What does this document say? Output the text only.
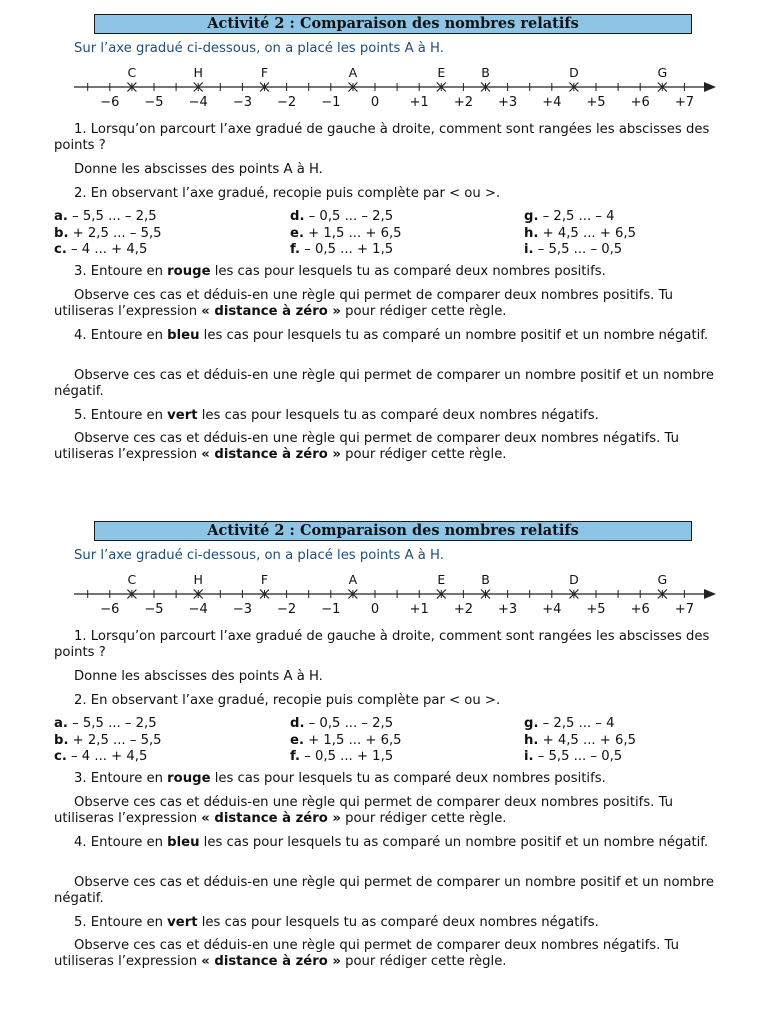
Activité 2 : Comparaison des nombres relatifs
Sur l’axe gradué ci-dessous, on a placé les points A à H.
−6 −5 −4 −3 −2 −1 0 +1 +2 +3 +4 +5 +6 +7
C	H	F	A	E	B	D	G

1. Lorsqu’on parcourt l’axe gradué de gauche à droite, comment sont rangées les abscisses des points ?

Donne les abscisses des points A à H.

2. En observant l’axe gradué, recopie puis complète par < ou >.

a. – 5,5 ... – 2,5	d. – 0,5 ... – 2,5	g. – 2,5 ... – 4
b. + 2,5 ... – 5,5	e. + 1,5 ... + 6,5	h. + 4,5 ... + 6,5
c. – 4 ... + 4,5	f. – 0,5 ... + 1,5	i. – 5,5 ... – 0,5

3. Entoure en rouge les cas pour lesquels tu as comparé deux nombres positifs.

Observe ces cas et déduis-en une règle qui permet de comparer deux nombres positifs. Tu utiliseras l’expression « distance à zéro » pour rédiger cette règle.

4. Entoure en bleu les cas pour lesquels tu as comparé un nombre positif et un nombre négatif.

Observe ces cas et déduis-en une règle qui permet de comparer un nombre positif et un nombre négatif.

5. Entoure en vert les cas pour lesquels tu as comparé deux nombres négatifs.

Observe ces cas et déduis-en une règle qui permet de comparer deux nombres négatifs. Tu utiliseras l’expression « distance à zéro » pour rédiger cette règle.

Activité 2 : Comparaison des nombres relatifs
Sur l’axe gradué ci-dessous, on a placé les points A à H.
−6 −5 −4 −3 −2 −1 0 +1 +2 +3 +4 +5 +6 +7
C	H	F	A	E	B	D	G

1. Lorsqu’on parcourt l’axe gradué de gauche à droite, comment sont rangées les abscisses des points ?

Donne les abscisses des points A à H.

2. En observant l’axe gradué, recopie puis complète par < ou >.

a. – 5,5 ... – 2,5	d. – 0,5 ... – 2,5	g. – 2,5 ... – 4
b. + 2,5 ... – 5,5	e. + 1,5 ... + 6,5	h. + 4,5 ... + 6,5
c. – 4 ... + 4,5	f. – 0,5 ... + 1,5	i. – 5,5 ... – 0,5

3. Entoure en rouge les cas pour lesquels tu as comparé deux nombres positifs.

Observe ces cas et déduis-en une règle qui permet de comparer deux nombres positifs. Tu utiliseras l’expression « distance à zéro » pour rédiger cette règle.

4. Entoure en bleu les cas pour lesquels tu as comparé un nombre positif et un nombre négatif.

Observe ces cas et déduis-en une règle qui permet de comparer un nombre positif et un nombre négatif.

5. Entoure en vert les cas pour lesquels tu as comparé deux nombres négatifs.

Observe ces cas et déduis-en une règle qui permet de comparer deux nombres négatifs. Tu utiliseras l’expression « distance à zéro » pour rédiger cette règle.
